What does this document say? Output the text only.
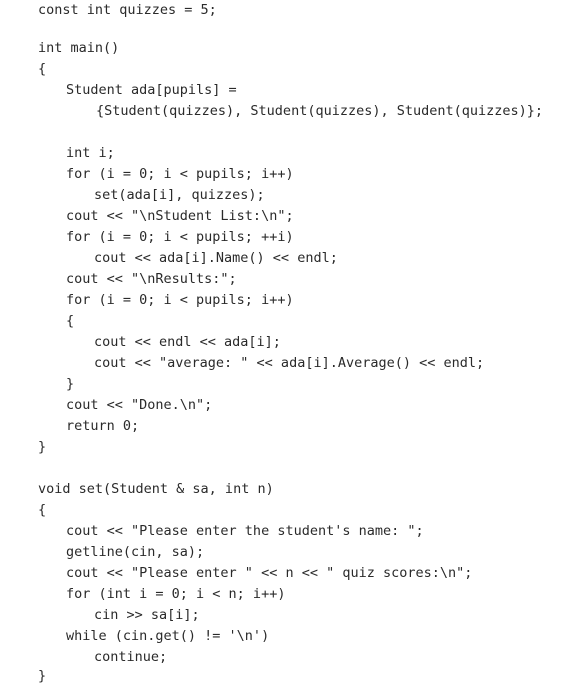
const int quizzes = 5;
int main()
{
Student ada[pupils] =
{Student(quizzes), Student(quizzes), Student(quizzes)};
int i;
for (i = 0; i < pupils; i++)
set(ada[i], quizzes);
cout << "\nStudent List:\n";
for (i = 0; i < pupils; ++i)
cout << ada[i].Name() << endl;
cout << "\nResults:";
for (i = 0; i < pupils; i++)
{
cout << endl << ada[i];
cout << "average: " << ada[i].Average() << endl;
}
cout << "Done.\n";
return 0;
}
void set(Student & sa, int n)
{
cout << "Please enter the student's name: ";
getline(cin, sa);
cout << "Please enter " << n << " quiz scores:\n";
for (int i = 0; i < n; i++)
cin >> sa[i];
while (cin.get() != '\n')
continue;
}
